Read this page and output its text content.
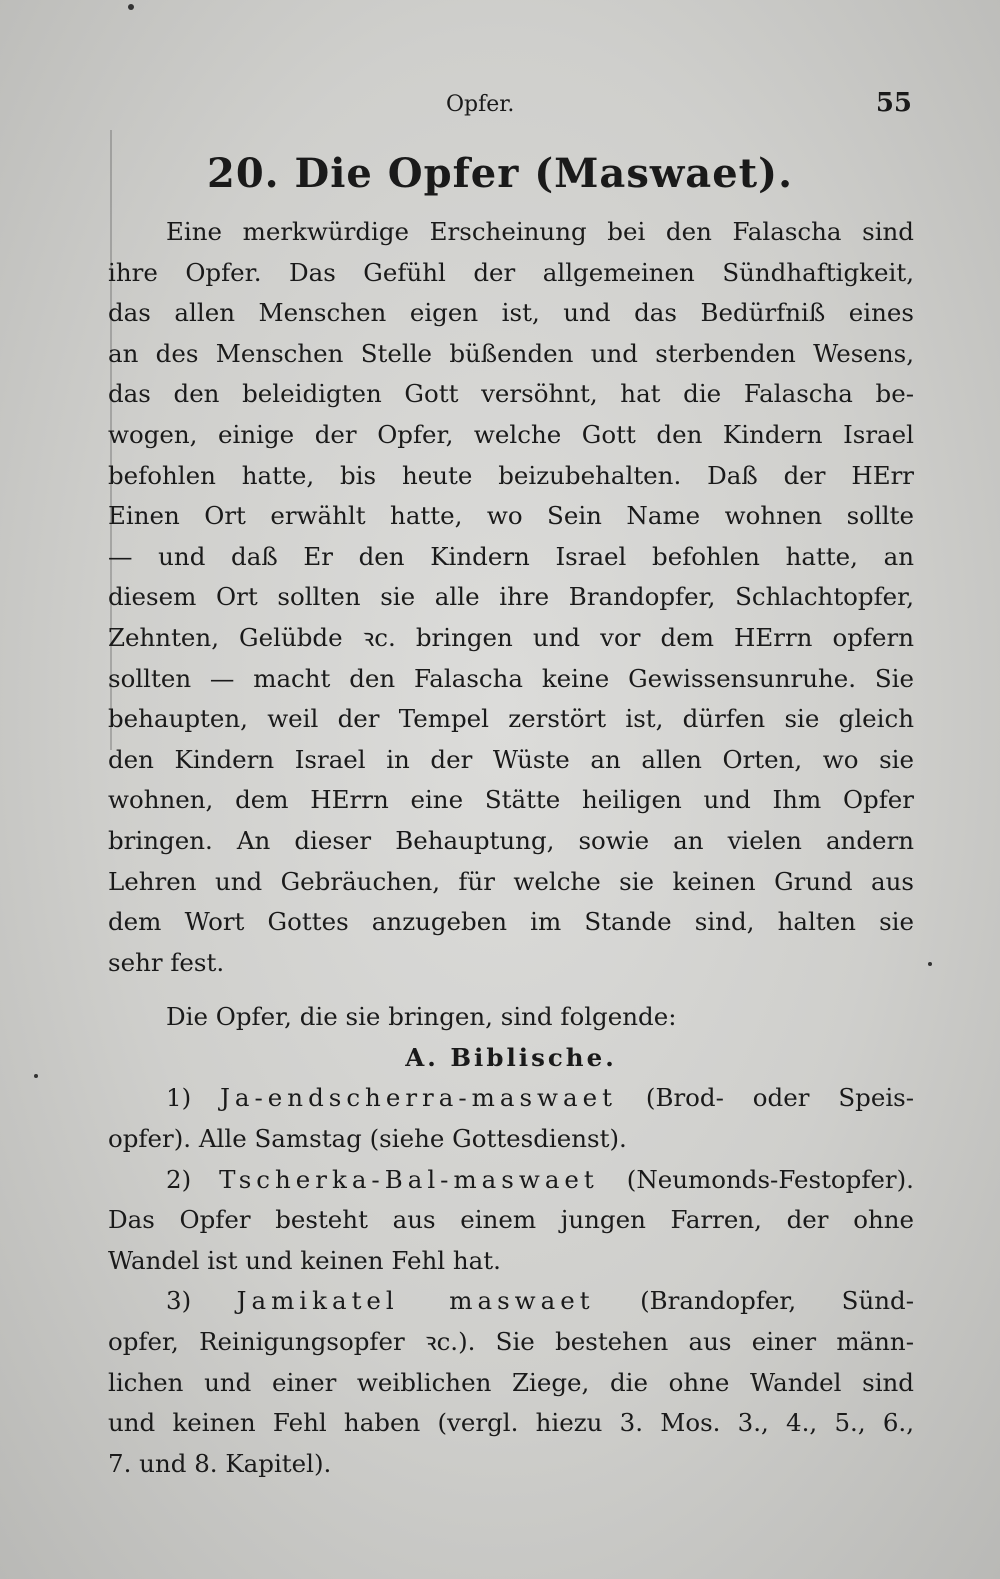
Opfer.	55
20. Die Opfer (Maswaet).
Eine merkwürdige Erscheinung bei den Falascha sind
ihre Opfer. Das Gefühl der allgemeinen Sündhaftigkeit,
das allen Menschen eigen ist, und das Bedürfniß eines
an des Menschen Stelle büßenden und sterbenden Wesens,
das den beleidigten Gott versöhnt, hat die Falascha be-
wogen, einige der Opfer, welche Gott den Kindern Israel
befohlen hatte, bis heute beizubehalten. Daß der HErr
Einen Ort erwählt hatte, wo Sein Name wohnen sollte
— und daß Er den Kindern Israel befohlen hatte, an
diesem Ort sollten sie alle ihre Brandopfer, Schlachtopfer,
Zehnten, Gelübde ꝛc. bringen und vor dem HErrn opfern
sollten — macht den Falascha keine Gewissensunruhe. Sie
behaupten, weil der Tempel zerstört ist, dürfen sie gleich
den Kindern Israel in der Wüste an allen Orten, wo sie
wohnen, dem HErrn eine Stätte heiligen und Ihm Opfer
bringen. An dieser Behauptung, sowie an vielen andern
Lehren und Gebräuchen, für welche sie keinen Grund aus
dem Wort Gottes anzugeben im Stande sind, halten sie
sehr fest.
Die Opfer, die sie bringen, sind folgende:
A. Biblische.
1) Ja-endscherra-maswaet (Brod- oder Speis-
opfer). Alle Samstag (siehe Gottesdienst).
2) Tscherka-Bal-maswaet (Neumonds-Festopfer).
Das Opfer besteht aus einem jungen Farren, der ohne
Wandel ist und keinen Fehl hat.
3) Jamikatel maswaet (Brandopfer, Sünd-
opfer, Reinigungsopfer ꝛc.). Sie bestehen aus einer männ-
lichen und einer weiblichen Ziege, die ohne Wandel sind
und keinen Fehl haben (vergl. hiezu 3. Mos. 3., 4., 5., 6.,
7. und 8. Kapitel).
